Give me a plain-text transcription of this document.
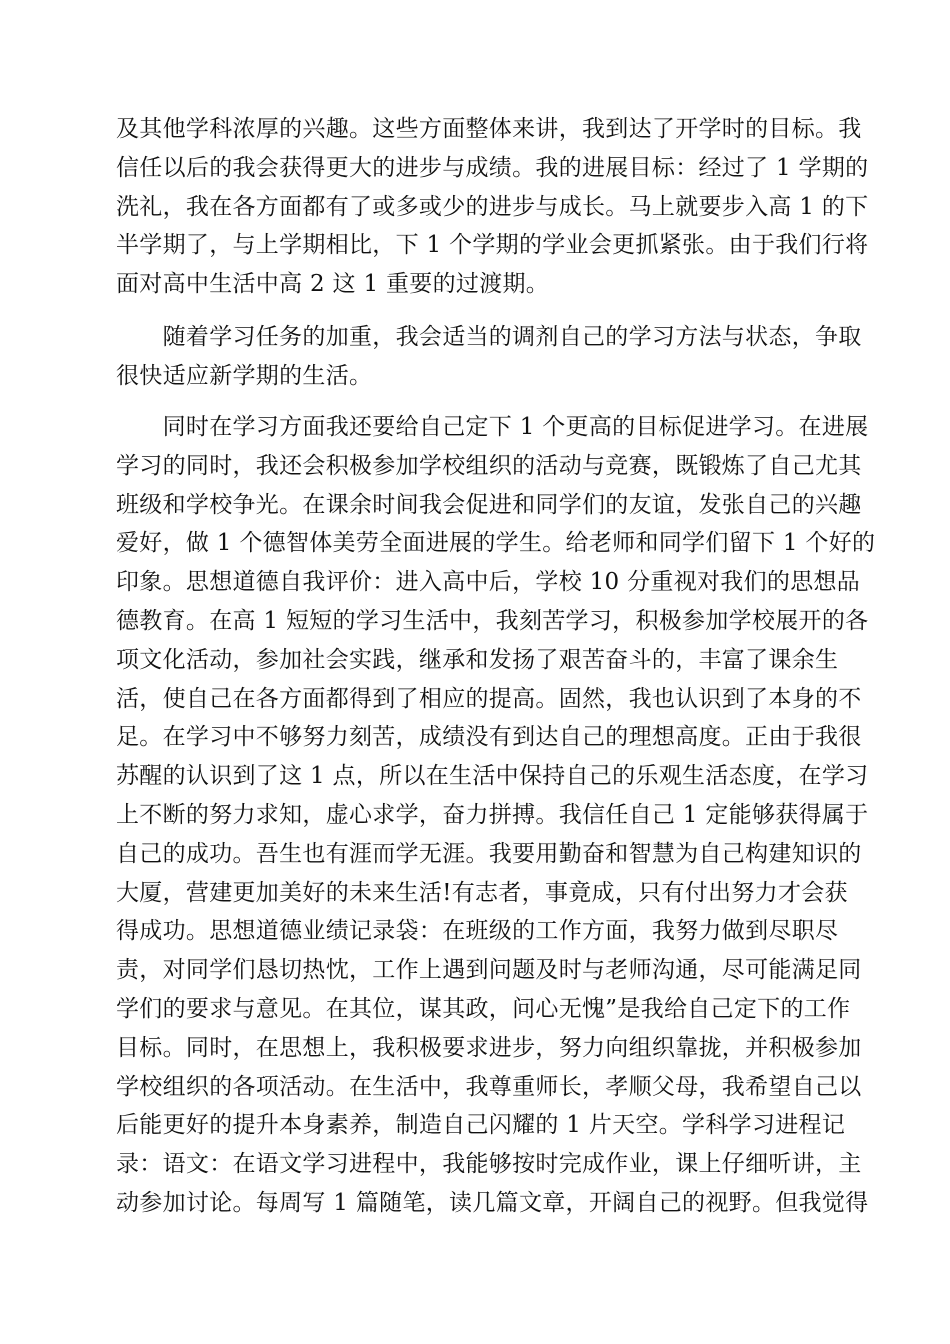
及其他学科浓厚的兴趣。这些方面整体来讲，我到达了开学时的目标。我
信任以后的我会获得更大的进步与成绩。我的进展目标：经过了 1 学期的
洗礼，我在各方面都有了或多或少的进步与成长。马上就要步入高 1 的下
半学期了，与上学期相比，下 1 个学期的学业会更抓紧张。由于我们行将
面对高中生活中高 2 这 1 重要的过渡期。

　　随着学习任务的加重，我会适当的调剂自己的学习方法与状态，争取
很快适应新学期的生活。

　　同时在学习方面我还要给自己定下 1 个更高的目标促进学习。在进展
学习的同时，我还会积极参加学校组织的活动与竞赛，既锻炼了自己尤其
班级和学校争光。在课余时间我会促进和同学们的友谊，发张自己的兴趣
爱好，做 1 个德智体美劳全面进展的学生。给老师和同学们留下 1 个好的
印象。思想道德自我评价：进入高中后，学校 10 分重视对我们的思想品
德教育。在高 1 短短的学习生活中，我刻苦学习，积极参加学校展开的各
项文化活动，参加社会实践，继承和发扬了艰苦奋斗的，丰富了课余生
活，使自己在各方面都得到了相应的提高。固然，我也认识到了本身的不
足。在学习中不够努力刻苦，成绩没有到达自己的理想高度。正由于我很
苏醒的认识到了这 1 点，所以在生活中保持自己的乐观生活态度，在学习
上不断的努力求知，虚心求学，奋力拼搏。我信任自己 1 定能够获得属于
自己的成功。吾生也有涯而学无涯。我要用勤奋和智慧为自己构建知识的
大厦，营建更加美好的未来生活!有志者，事竟成，只有付出努力才会获
得成功。思想道德业绩记录袋：在班级的工作方面，我努力做到尽职尽
责，对同学们恳切热忱，工作上遇到问题及时与老师沟通，尽可能满足同
学们的要求与意见。在其位，谋其政，问心无愧”是我给自己定下的工作
目标。同时，在思想上，我积极要求进步，努力向组织靠拢，并积极参加
学校组织的各项活动。在生活中，我尊重师长，孝顺父母，我希望自己以
后能更好的提升本身素养，制造自己闪耀的 1 片天空。学科学习进程记
录：语文：在语文学习进程中，我能够按时完成作业，课上仔细听讲，主
动参加讨论。每周写 1 篇随笔，读几篇文章，开阔自己的视野。但我觉得
